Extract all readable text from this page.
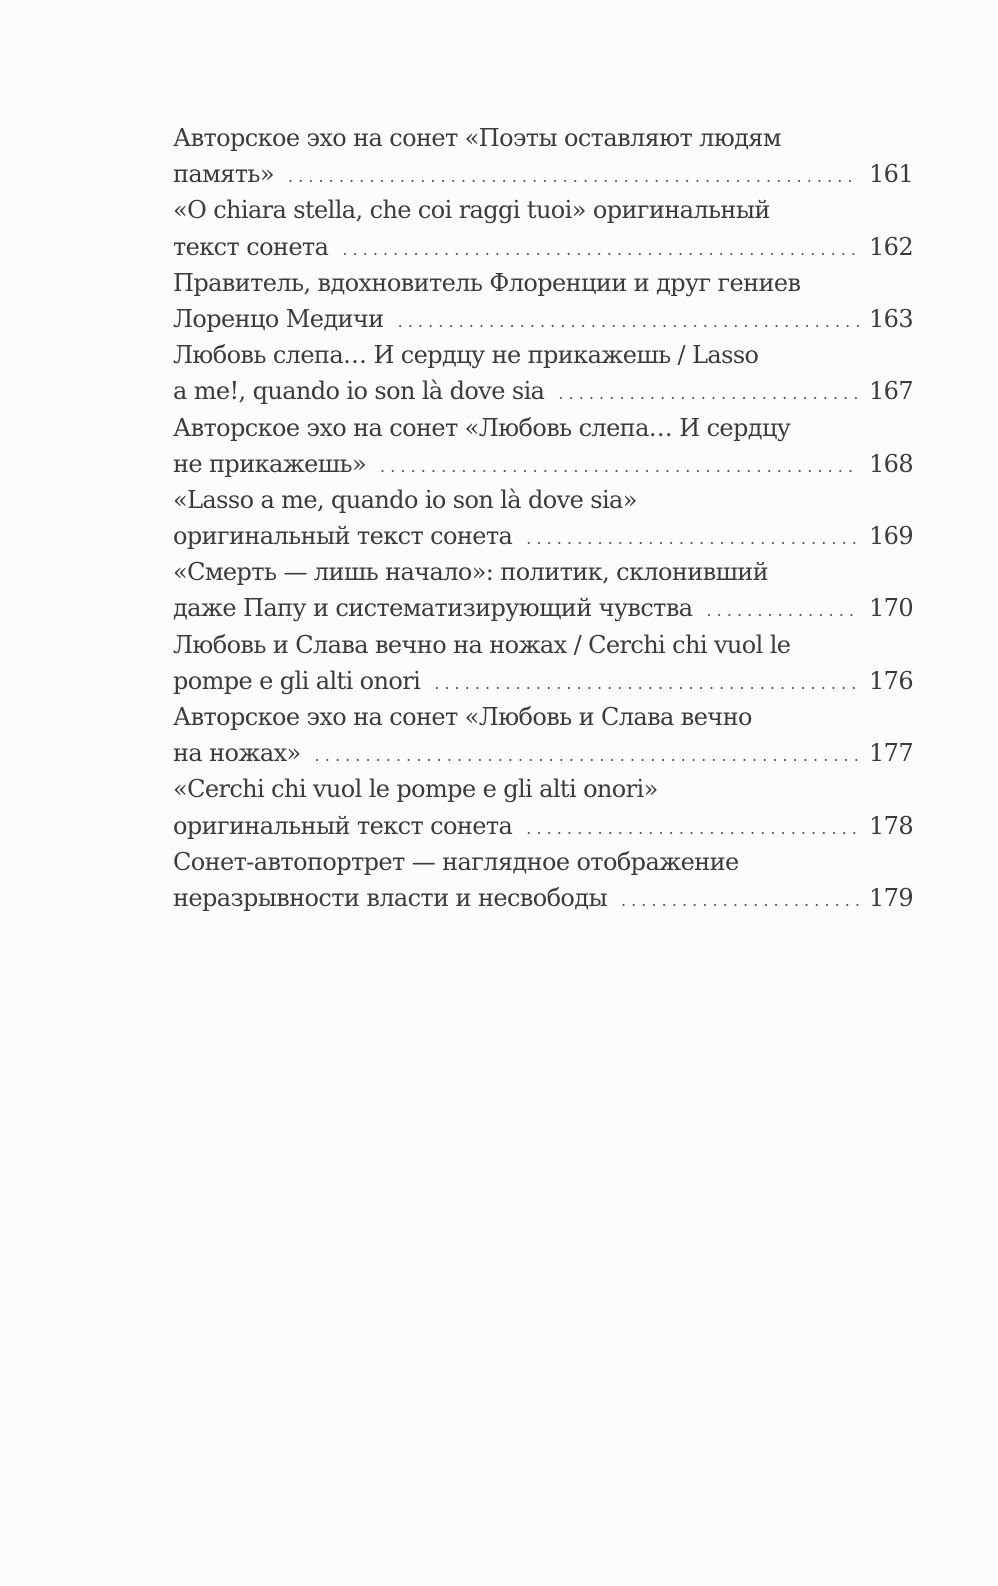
Авторское эхо на сонет «Поэты оставляют людям
память» . . .	161
«O chiara stella, che coi raggi tuoi» оригинальный
текст сонета . . .	162
Правитель, вдохновитель Флоренции и друг гениев
Лоренцо Медичи . . .	163
Любовь слепа… И сердцу не прикажешь / Lasso
a me!, quando io son là dove sia . . .	167
Авторское эхо на сонет «Любовь слепа… И сердцу
не прикажешь» . . .	168
«Lasso a me, quando io son là dove sia»
оригинальный текст сонета . . .	169
«Смерть — лишь начало»: политик, склонивший
даже Папу и систематизирующий чувства . . .	170
Любовь и Слава вечно на ножах / Cerchi chi vuol le
pompe e gli alti onori . . .	176
Авторское эхо на сонет «Любовь и Слава вечно
на ножах» . . .	177
«Cerchi chi vuol le pompe e gli alti onori»
оригинальный текст сонета . . .	178
Сонет-автопортрет — наглядное отображение
неразрывности власти и несвободы . . .	179
